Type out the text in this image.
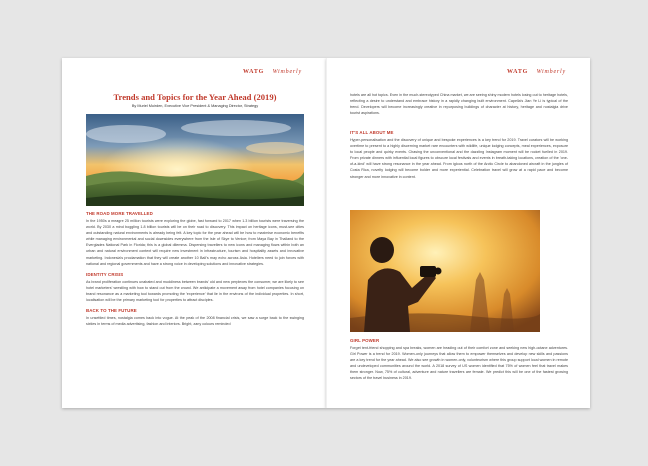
WATG Wimberly
Trends and Topics for the Year Ahead (2019)

By Muriel Muirden, Executive Vice President & Managing Director, Strategy

THE ROAD MORE TRAVELLED

In the 1950s a meagre 25 million tourists were exploring the globe, fast forward to 2017 when 1.3 billion tourists were traversing the world. By 2030 a mind boggling 1.8 billion tourists will be on their road to discovery. This impact on heritage icons, must-see cities and outstanding natural environments is already being felt. A key topic for the year ahead will be how to maximise economic benefits while managing environmental and social downsides everywhere from the Isle of Skye to Venice; from Maya Bay in Thailand to the Everglades National Park in Florida; this is a global dilemma. Dispersing travellers to new icons and managing flows within both an urban and natural environment context will require new investment in infrastructure, tourism and hospitality assets and innovative marketing. Indonesia's proclamation that they will create another 10 Bali's may echo across Asia. Hoteliers need to join forces with national and regional governments and have a strong voice in developing solutions and innovative strategies.

IDENTITY CRISIS

As brand proliferation continues unabated and muddiness between brands' old and new perplexes the consumer, we are likely to see hotel marketers' wrestling with how to stand out from the crowd. We anticipate a movement away from hotel companies focusing on brand resonance as a marketing tool towards promoting the 'experience' that lie in the environs of the individual properties. In short, localisation will be the primary marketing tool for properties to attract disciples.

BACK TO THE FUTURE

In unsettled times, nostalgia comes back into vogue. At the peak of the 2008 financial crisis, we saw a surge back to the swinging sixties in terms of media advertising, fashion and interiors. Bright, zany colours reminded

WATG Wimberly

hotels are all hot topics. Even in the much-stereotyped China market, we are seeing shiny modern hotels losing out to heritage hotels, reflecting a desire to understand and embrace history in a rapidly changing built environment. Capella's Jian Ye Li is typical of the trend. Developers will become increasingly creative in repurposing buildings of character at history, heritage and nostalgia drive tourist aspirations.

IT'S ALL ABOUT ME

Hyper-personalisation and the discovery of unique and bespoke experiences is a key trend for 2019. Travel curators will be working overtime to present to a highly discerning market rare encounters with wildlife, unique lodging concepts, meal experiences, exposure to local people and quirky events. Chasing the unconventional and the dazzling Instagram moment will be rocket fuelled in 2019. From private dinners with influential local figures to obscure local festivals and events in breath-taking locations, creation of the 'one-of-a-kind' will have strong resonance in the year ahead. From igloos north of the Arctic Circle to abandoned aircraft in the jungles of Costa Rica, novelty lodging will become bolder and more experiential. Celebration travel will grow at a rapid pace and become stronger and more innovative in content.

GIRL POWER

Forget tent-friend shopping and spa breaks, women are heading out of their comfort zone and seeking new high-octane adventures. Girl Power is a trend for 2019. Women-only journeys that allow them to empower themselves and develop new skills and passions are a key trend for the year ahead. We also see growth in women-only, volunteurism where this group support local women in remote and undeveloped communities around the world. A 2018 survey of US women identified that 75% of women feel that travel makes them stronger. Now, 75% of cultural, adventure and nature travellers are female. We predict this will be one of the fastest growing sectors of the travel business in 2019.
